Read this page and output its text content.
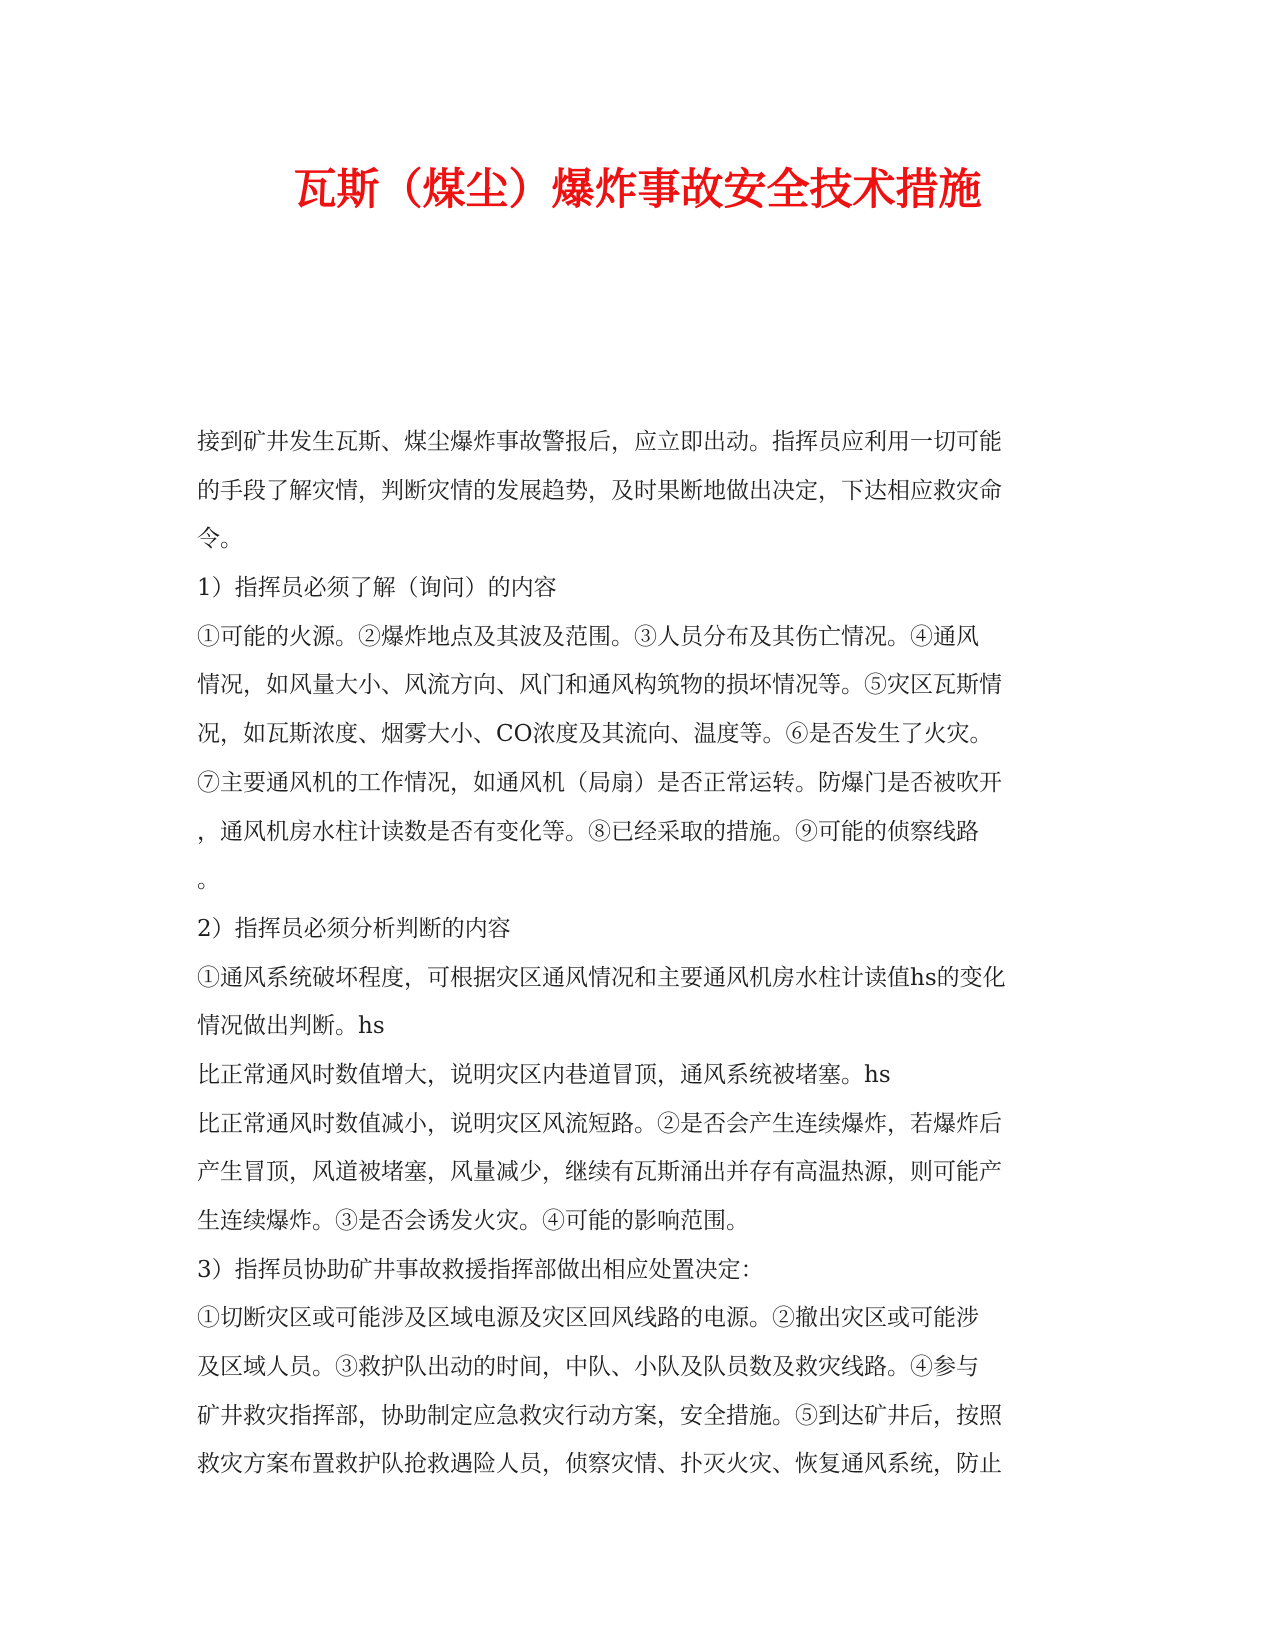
瓦斯（煤尘）爆炸事故安全技术措施
接到矿井发生瓦斯、煤尘爆炸事故警报后，应立即出动。指挥员应利用一切可能
的手段了解灾情，判断灾情的发展趋势，及时果断地做出决定，下达相应救灾命
令。
1）指挥员必须了解（询问）的内容
①可能的火源。②爆炸地点及其波及范围。③人员分布及其伤亡情况。④通风
情况，如风量大小、风流方向、风门和通风构筑物的损坏情况等。⑤灾区瓦斯情
况，如瓦斯浓度、烟雾大小、CO浓度及其流向、温度等。⑥是否发生了火灾。
⑦主要通风机的工作情况，如通风机（局扇）是否正常运转。防爆门是否被吹开
，通风机房水柱计读数是否有变化等。⑧已经采取的措施。⑨可能的侦察线路
。
2）指挥员必须分析判断的内容
①通风系统破坏程度，可根据灾区通风情况和主要通风机房水柱计读值hs的变化
情况做出判断。hs
比正常通风时数值增大，说明灾区内巷道冒顶，通风系统被堵塞。hs
比正常通风时数值减小，说明灾区风流短路。②是否会产生连续爆炸，若爆炸后
产生冒顶，风道被堵塞，风量减少，继续有瓦斯涌出并存有高温热源，则可能产
生连续爆炸。③是否会诱发火灾。④可能的影响范围。
3）指挥员协助矿井事故救援指挥部做出相应处置决定：
①切断灾区或可能涉及区域电源及灾区回风线路的电源。②撤出灾区或可能涉
及区域人员。③救护队出动的时间，中队、小队及队员数及救灾线路。④参与
矿井救灾指挥部，协助制定应急救灾行动方案，安全措施。⑤到达矿井后，按照
救灾方案布置救护队抢救遇险人员，侦察灾情、扑灭火灾、恢复通风系统，防止
